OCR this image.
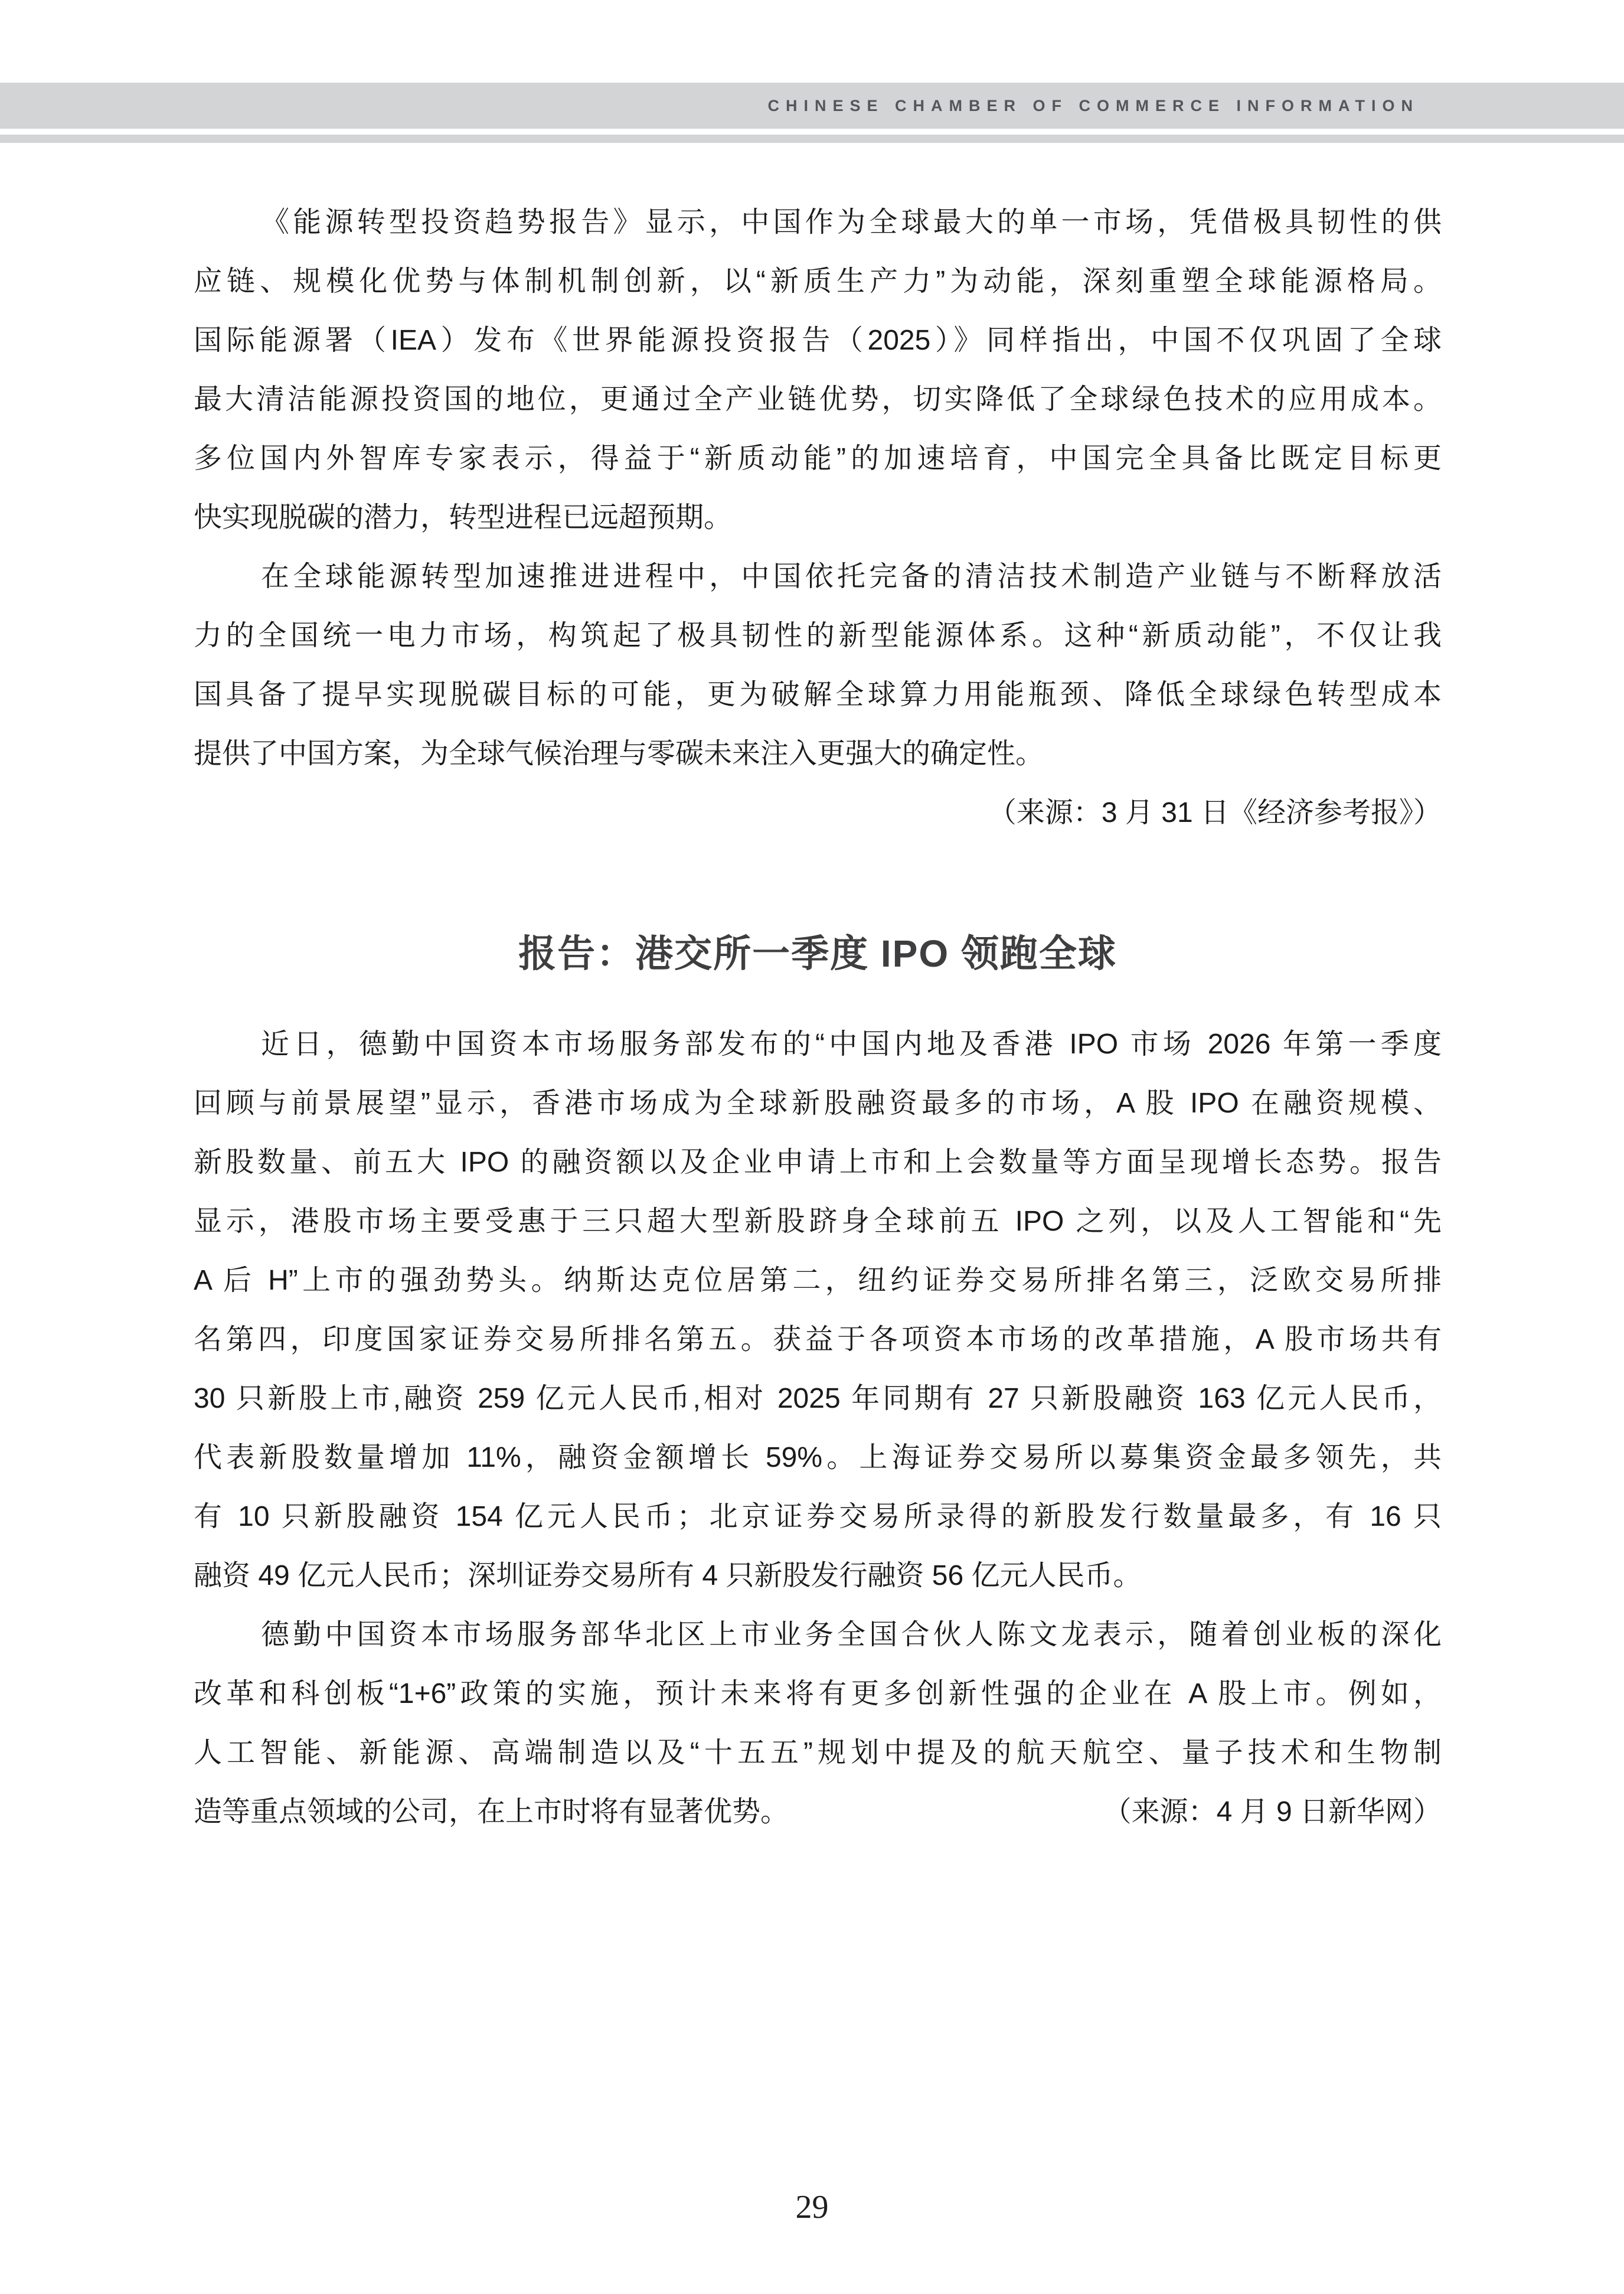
CHINESE CHAMBER OF COMMERCE INFORMATION
《能源转型投资趋势报告》显示，中国作为全球最大的单一市场，凭借极具韧性的供
应链、规模化优势与体制机制创新，以“新质生产力”为动能，深刻重塑全球能源格局。
国际能源署（IEA）发布《世界能源投资报告（2025）》同样指出，中国不仅巩固了全球
最大清洁能源投资国的地位，更通过全产业链优势，切实降低了全球绿色技术的应用成本。
多位国内外智库专家表示，得益于“新质动能”的加速培育，中国完全具备比既定目标更
快实现脱碳的潜力，转型进程已远超预期。
在全球能源转型加速推进进程中，中国依托完备的清洁技术制造产业链与不断释放活
力的全国统一电力市场，构筑起了极具韧性的新型能源体系。这种“新质动能”，不仅让我
国具备了提早实现脱碳目标的可能，更为破解全球算力用能瓶颈、降低全球绿色转型成本
提供了中国方案，为全球气候治理与零碳未来注入更强大的确定性。
（来源：3 月 31 日《经济参考报》）
报告：港交所一季度 IPO 领跑全球
近日，德勤中国资本市场服务部发布的“中国内地及香港 IPO 市场 2026 年第一季度
回顾与前景展望”显示，香港市场成为全球新股融资最多的市场，A 股 IPO 在融资规模、
新股数量、前五大 IPO 的融资额以及企业申请上市和上会数量等方面呈现增长态势。报告
显示，港股市场主要受惠于三只超大型新股跻身全球前五 IPO 之列，以及人工智能和“先
A 后 H”上市的强劲势头。纳斯达克位居第二，纽约证券交易所排名第三，泛欧交易所排
名第四，印度国家证券交易所排名第五。获益于各项资本市场的改革措施，A 股市场共有
30 只新股上市,融资 259 亿元人民币,相对 2025 年同期有 27 只新股融资 163 亿元人民币，
代表新股数量增加 11%，融资金额增长 59%。上海证券交易所以募集资金最多领先，共
有 10 只新股融资 154 亿元人民币；北京证券交易所录得的新股发行数量最多，有 16 只
融资 49 亿元人民币；深圳证券交易所有 4 只新股发行融资 56 亿元人民币。
德勤中国资本市场服务部华北区上市业务全国合伙人陈文龙表示，随着创业板的深化
改革和科创板“1+6”政策的实施，预计未来将有更多创新性强的企业在 A 股上市。例如，
人工智能、新能源、高端制造以及“十五五”规划中提及的航天航空、量子技术和生物制
造等重点领域的公司，在上市时将有显著优势。	（来源：4 月 9 日新华网）
29
